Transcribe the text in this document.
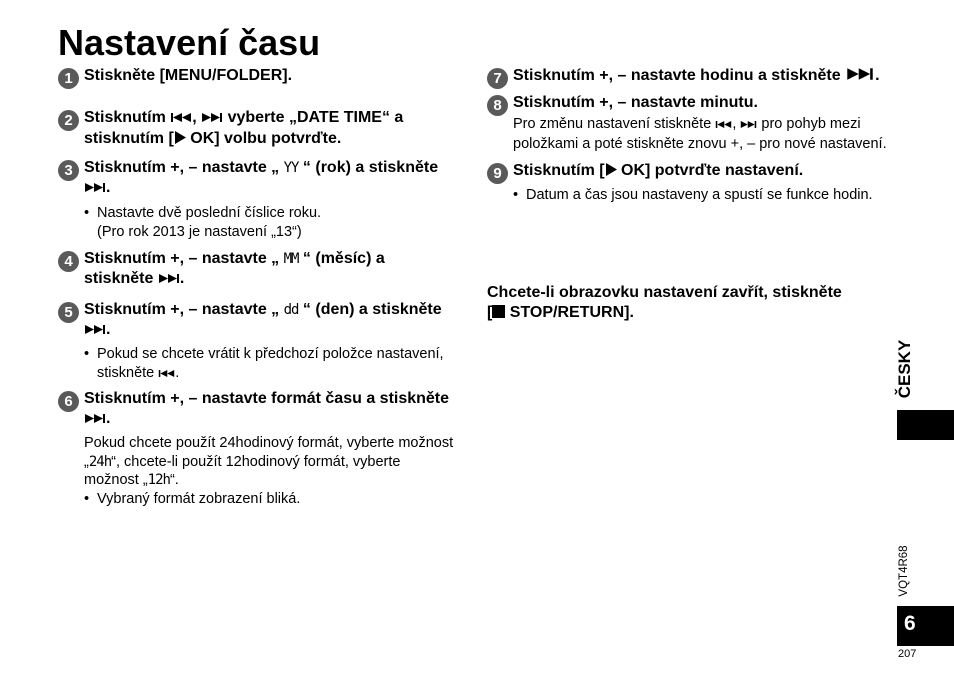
Nastavení času
1 Stiskněte [MENU/FOLDER].
2 Stisknutím ,  vyberte „DATE TIME“ a stisknutím [ OK] volbu potvrďte.
3 Stisknutím +, – nastavte „ YY “ (rok) a stiskněte .
• Nastavte dvě poslední číslice roku.
(Pro rok 2013 je nastavení „13“)
4 Stisknutím +, – nastavte „ MM “ (měsíc) a stiskněte .
5 Stisknutím +, – nastavte „ dd “ (den) a stiskněte .
• Pokud se chcete vrátit k předchozí položce nastavení, stiskněte .
6 Stisknutím +, – nastavte formát času a stiskněte .
Pokud chcete použít 24hodinový formát, vyberte možnost „24h“, chcete-li použít 12hodinový formát, vyberte možnost „12h“.
• Vybraný formát zobrazení bliká.
7 Stisknutím +, – nastavte hodinu a stiskněte .
8 Stisknutím +, – nastavte minutu.
Pro změnu nastavení stiskněte ,  pro pohyb mezi položkami a poté stiskněte znovu +, – pro nové nastavení.
9 Stisknutím [ OK] potvrďte nastavení.
• Datum a čas jsou nastaveny a spustí se funkce hodin.
Chcete-li obrazovku nastavení zavřít, stiskněte [ STOP/RETURN].
ČESKY
VQT4R68
6
207
